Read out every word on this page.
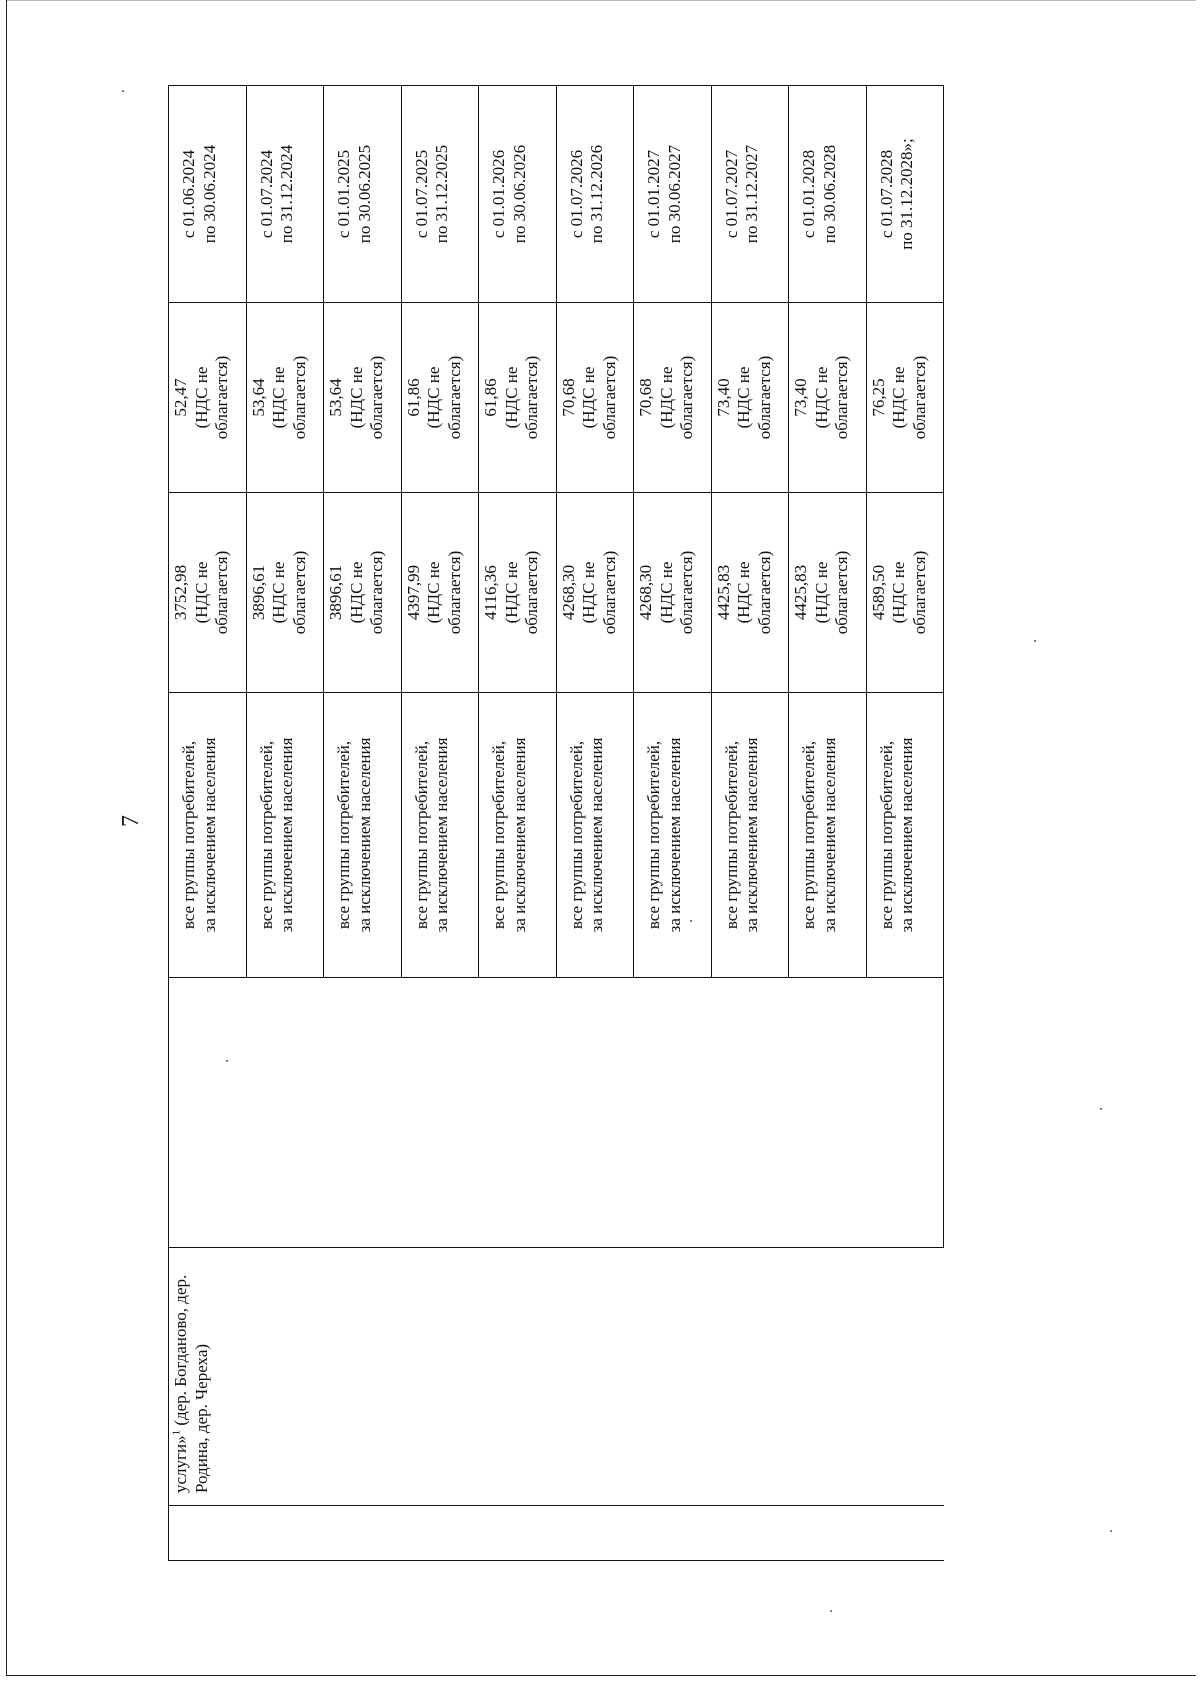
7
	услуги»$^1$ (дер. Богданово, дер. Родина, дер. Череха)		все группы потребителей, за исключением населения	3752,98 (НДС не облагается)	52,47 (НДС не облагается)	с 01.06.2024 по 30.06.2024

			все группы потребителей, за исключением населения	3896,61 (НДС не облагается)	53,64 (НДС не облагается)	с 01.07.2024 по 31.12.2024

			все группы потребителей, за исключением населения	3896,61 (НДС не облагается)	53,64 (НДС не облагается)	с 01.01.2025 по 30.06.2025

			все группы потребителей, за исключением населения	4397,99 (НДС не облагается)	61,86 (НДС не облагается)	с 01.07.2025 по 31.12.2025

			все группы потребителей, за исключением населения	4116,36 (НДС не облагается)	61,86 (НДС не облагается)	с 01.01.2026 по 30.06.2026

			все группы потребителей, за исключением населения	4268,30 (НДС не облагается)	70,68 (НДС не облагается)	с 01.07.2026 по 31.12.2026

			все группы потребителей, за исключением населения	4268,30 (НДС не облагается)	70,68 (НДС не облагается)	с 01.01.2027 по 30.06.2027

			все группы потребителей, за исключением населения	4425,83 (НДС не облагается)	73,40 (НДС не облагается)	с 01.07.2027 по 31.12.2027

			все группы потребителей, за исключением населения	4425,83 (НДС не облагается)	73,40 (НДС не облагается)	с 01.01.2028 по 30.06.2028

			все группы потребителей, за исключением населения	4589,50 (НДС не облагается)	76,25 (НДС не облагается)	с 01.07.2028 по 31.12.2028»;
